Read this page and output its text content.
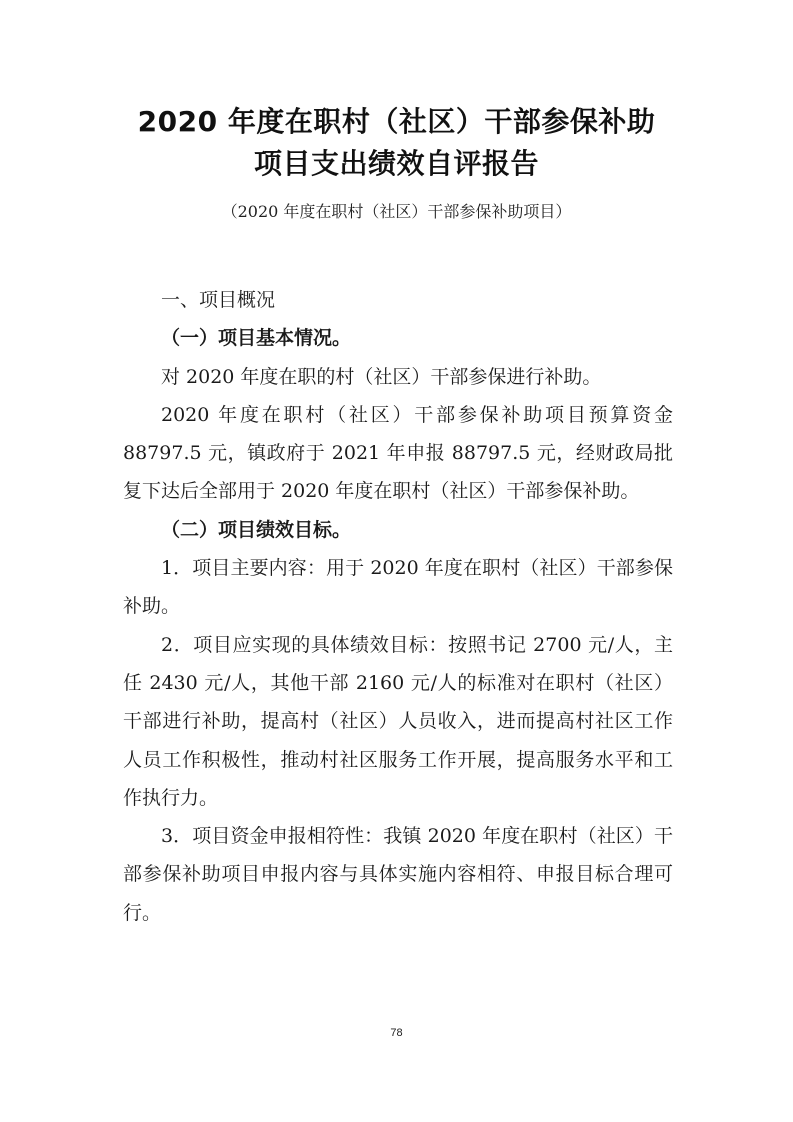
2020 年度在职村（社区）干部参保补助
项目支出绩效自评报告
（2020 年度在职村（社区）干部参保补助项目）

一、项目概况

（一）项目基本情况。

对 2020 年度在职的村（社区）干部参保进行补助。

2020 年度在职村（社区）干部参保补助项目预算资金 88797.5 元，镇政府于 2021 年申报 88797.5 元，经财政局批复下达后全部用于 2020 年度在职村（社区）干部参保补助。

（二）项目绩效目标。

1．项目主要内容：用于 2020 年度在职村（社区）干部参保补助。

2．项目应实现的具体绩效目标：按照书记 2700 元/人，主任 2430 元/人，其他干部 2160 元/人的标准对在职村（社区）干部进行补助，提高村（社区）人员收入，进而提高村社区工作人员工作积极性，推动村社区服务工作开展，提高服务水平和工作执行力。

3．项目资金申报相符性：我镇 2020 年度在职村（社区）干部参保补助项目申报内容与具体实施内容相符、申报目标合理可行。

78
